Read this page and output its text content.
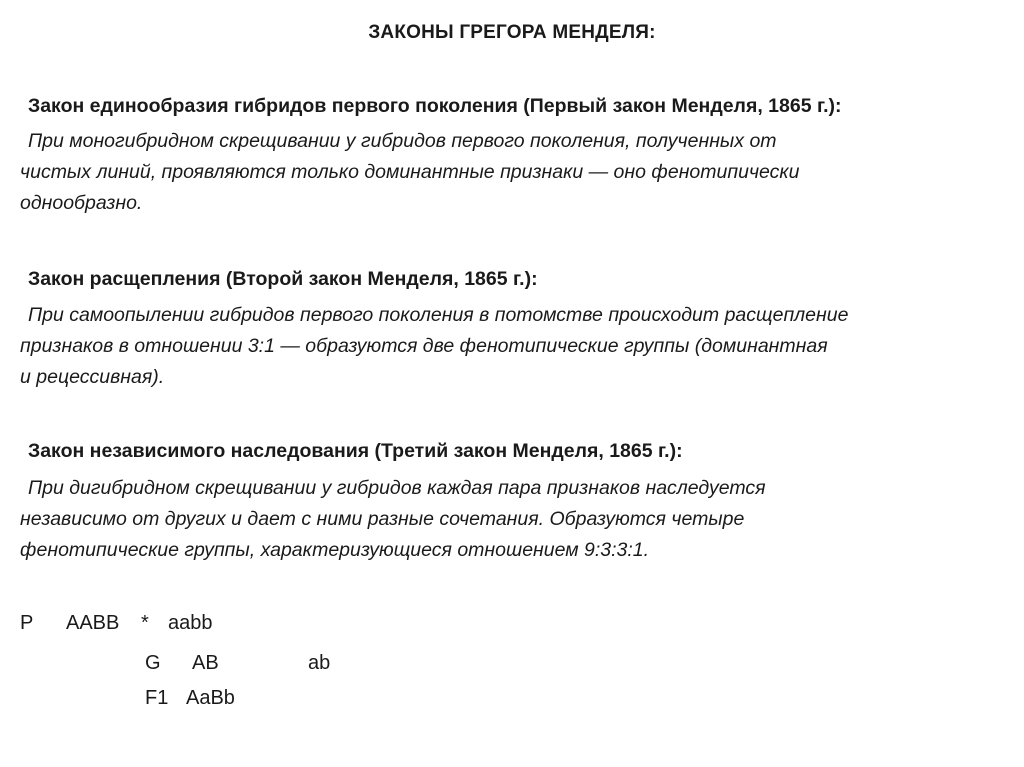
ЗАКОНЫ ГРЕГОРА МЕНДЕЛЯ:
Закон единообразия гибридов первого поколения (Первый закон Менделя, 1865 г.):
При моногибридном скрещивании у гибридов первого поколения, полученных от
чистых линий, проявляются только доминантные признаки — оно фенотипически
однообразно.
Закон расщепления (Второй закон Менделя, 1865 г.):
При самоопылении гибридов первого поколения в потомстве происходит расщепление
признаков в отношении 3:1 — образуются две фенотипические группы (доминантная
и рецессивная).
Закон независимого наследования (Третий закон Менделя, 1865 г.):
При дигибридном скрещивании у гибридов каждая пара признаков наследуется
независимо от других и дает с ними разные сочетания. Образуются четыре
фенотипические группы, характеризующиеся отношением 9:3:3:1.
P AABB * aabb
G AB	ab
F1 AaBb
